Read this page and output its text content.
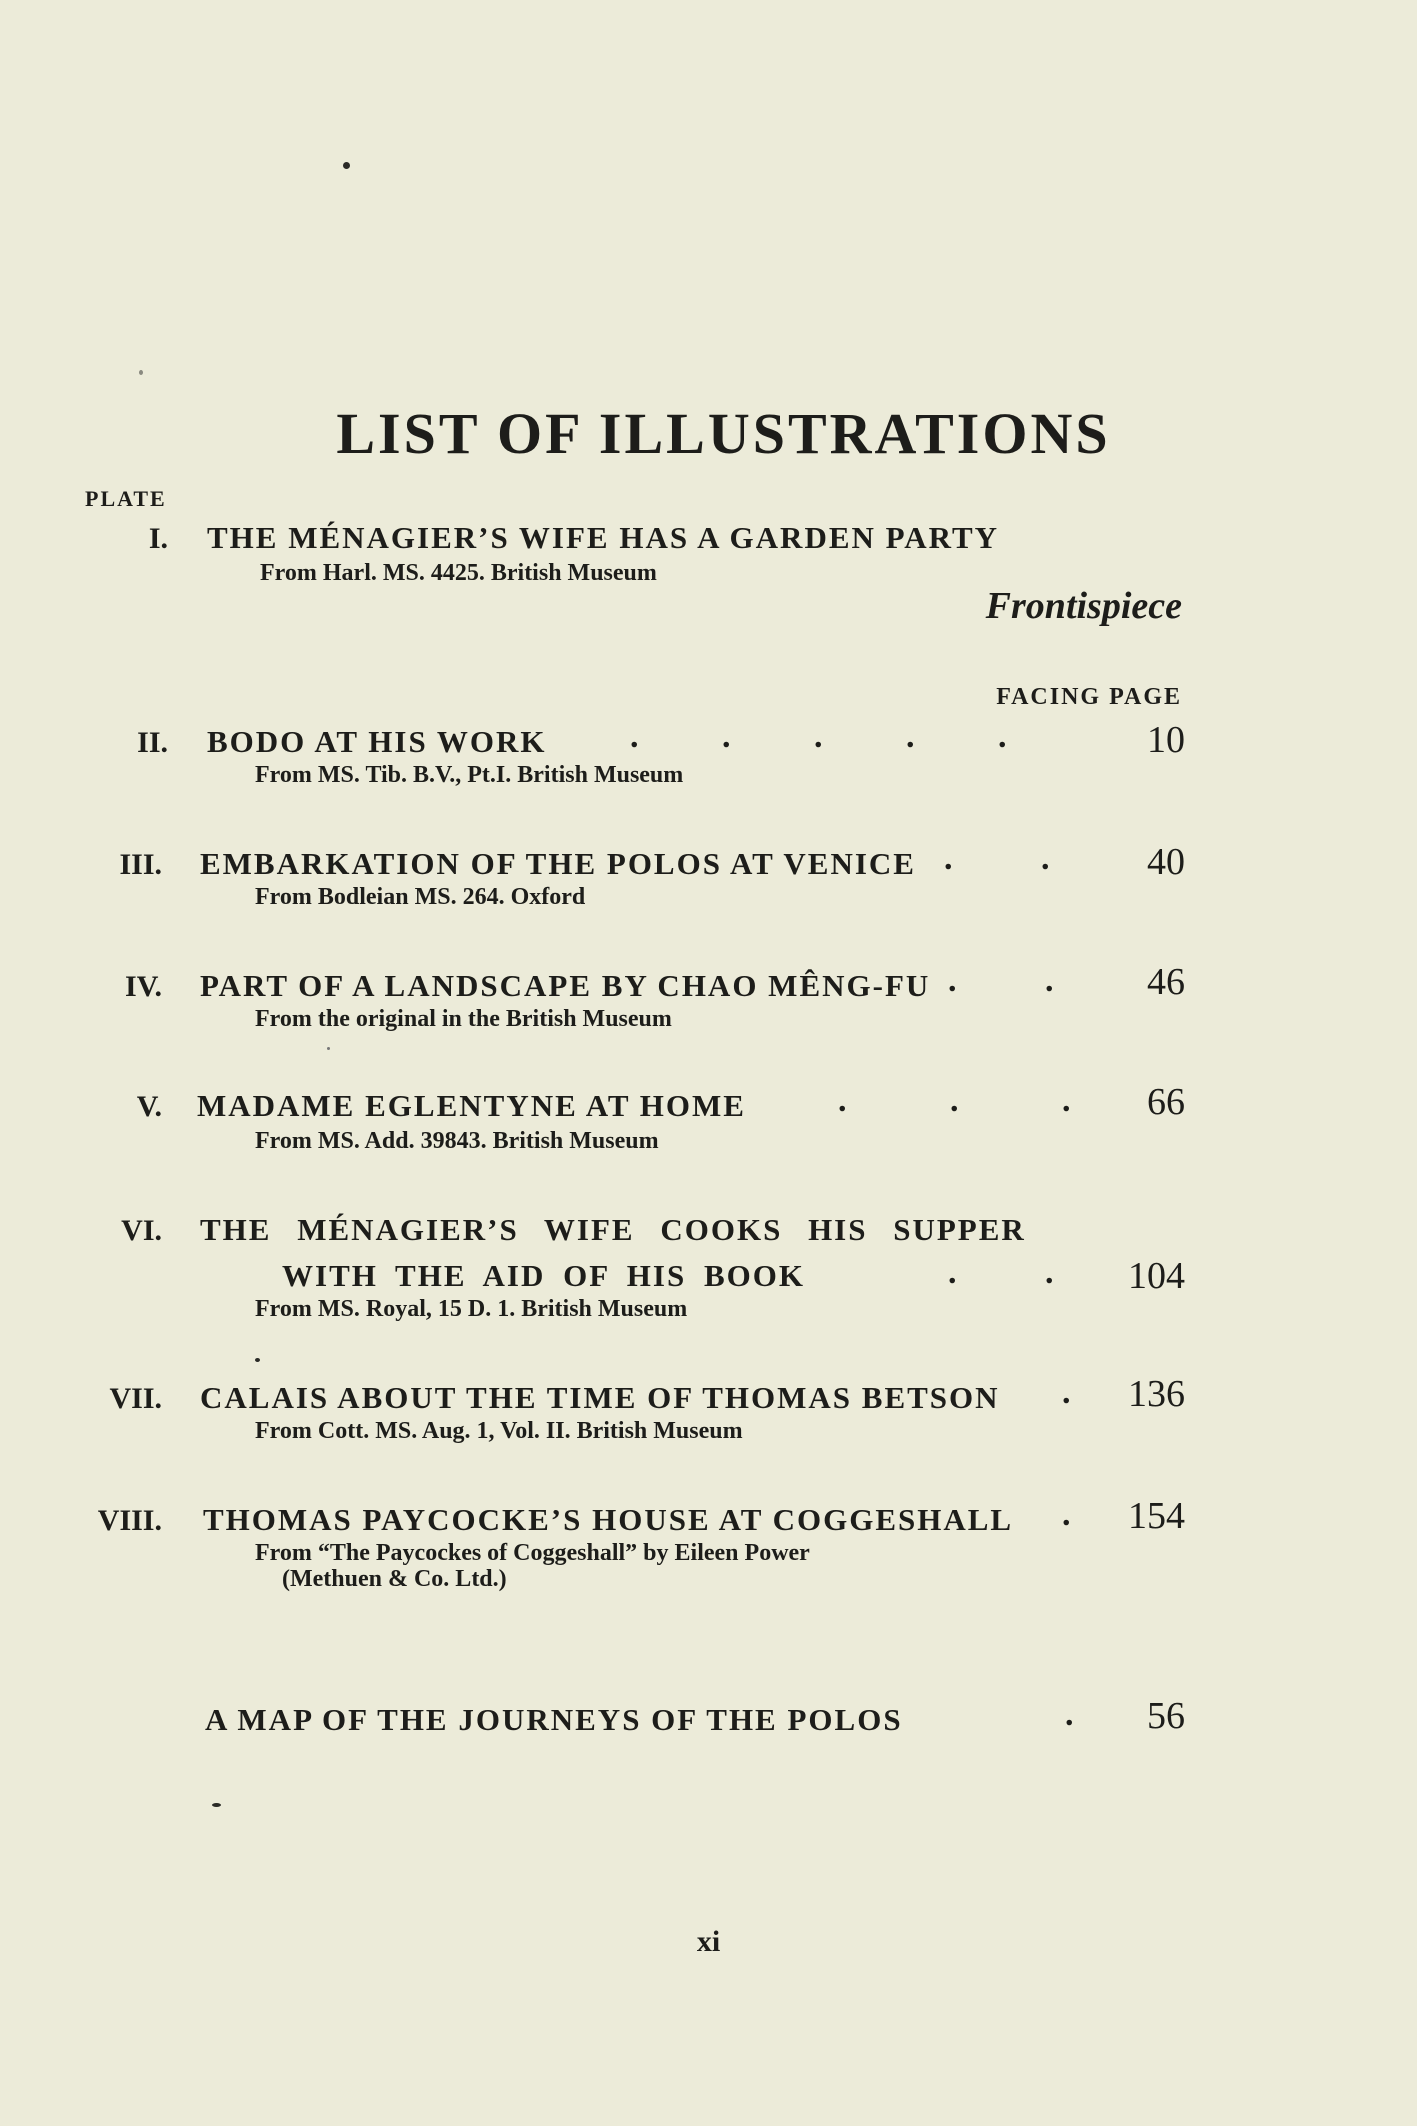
LIST OF ILLUSTRATIONS
PLATE
I. THE MÉNAGIER’S WIFE HAS A GARDEN PARTY
From Harl. MS. 4425. British Museum
Frontispiece
FACING PAGE
II. BODO AT HIS WORK . . . . .	10
From MS. Tib. B.V., Pt.I. British Museum
III. EMBARKATION OF THE POLOS AT VENICE . .	40
From Bodleian MS. 264. Oxford
IV. PART OF A LANDSCAPE BY CHAO MÊNG-FU . .	46
From the original in the British Museum
V. MADAME EGLENTYNE AT HOME	. . .	66
From MS. Add. 39843. British Museum
VI. THE MÉNAGIER’S WIFE COOKS HIS SUPPER
WITH THE AID OF HIS BOOK	. .	104
From MS. Royal, 15 D. 1. British Museum
VII. CALAIS ABOUT THE TIME OF THOMAS BETSON .	136
From Cott. MS. Aug. 1, Vol. II. British Museum
VIII. THOMAS PAYCOCKE’S HOUSE AT COGGESHALL .	154
From “The Paycockes of Coggeshall” by Eileen Power
(Methuen & Co. Ltd.)
A MAP OF THE JOURNEYS OF THE POLOS	.	56
xi
